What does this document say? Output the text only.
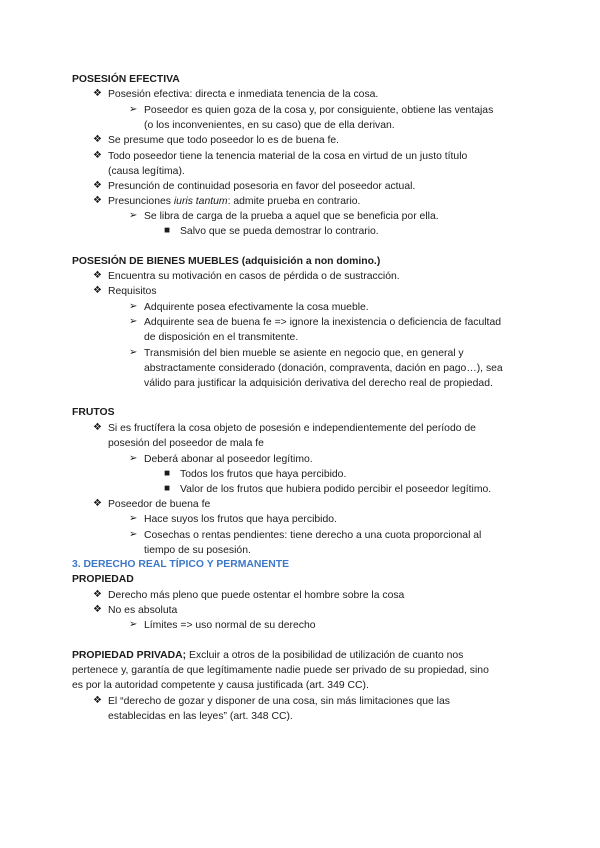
POSESIÓN EFECTIVA
❖ Posesión efectiva: directa e inmediata tenencia de la cosa.
➢ Poseedor es quien goza de la cosa y, por consiguiente, obtiene las ventajas
(o los inconvenientes, en su caso) que de ella derivan.
❖ Se presume que todo poseedor lo es de buena fe.
❖ Todo poseedor tiene la tenencia material de la cosa en virtud de un justo título
(causa legítima).
❖ Presunción de continuidad posesoria en favor del poseedor actual.
❖ Presunciones iuris tantum: admite prueba en contrario.
➢ Se libra de carga de la prueba a aquel que se beneficia por ella.
■ Salvo que se pueda demostrar lo contrario.
POSESIÓN DE BIENES MUEBLES (adquisición a non domino.)
❖ Encuentra su motivación en casos de pérdida o de sustracción.
❖ Requisitos
➢ Adquirente posea efectivamente la cosa mueble.
➢ Adquirente sea de buena fe => ignore la inexistencia o deficiencia de facultad
de disposición en el transmitente.
➢ Transmisión del bien mueble se asiente en negocio que, en general y
abstractamente considerado (donación, compraventa, dación en pago…), sea
válido para justificar la adquisición derivativa del derecho real de propiedad.
FRUTOS
❖ Si es fructífera la cosa objeto de posesión e independientemente del período de
posesión del poseedor de mala fe
➢ Deberá abonar al poseedor legítimo.
■ Todos los frutos que haya percibido.
■ Valor de los frutos que hubiera podido percibir el poseedor legítimo.
❖ Poseedor de buena fe
➢ Hace suyos los frutos que haya percibido.
➢ Cosechas o rentas pendientes: tiene derecho a una cuota proporcional al
tiempo de su posesión.
3. DERECHO REAL TÍPICO Y PERMANENTE
PROPIEDAD
❖ Derecho más pleno que puede ostentar el hombre sobre la cosa
❖ No es absoluta
➢ Límites => uso normal de su derecho
PROPIEDAD PRIVADA; Excluir a otros de la posibilidad de utilización de cuanto nos
pertenece y, garantía de que legítimamente nadie puede ser privado de su propiedad, sino
es por la autoridad competente y causa justificada (art. 349 CC).
❖ El “derecho de gozar y disponer de una cosa, sin más limitaciones que las
establecidas en las leyes” (art. 348 CC).
